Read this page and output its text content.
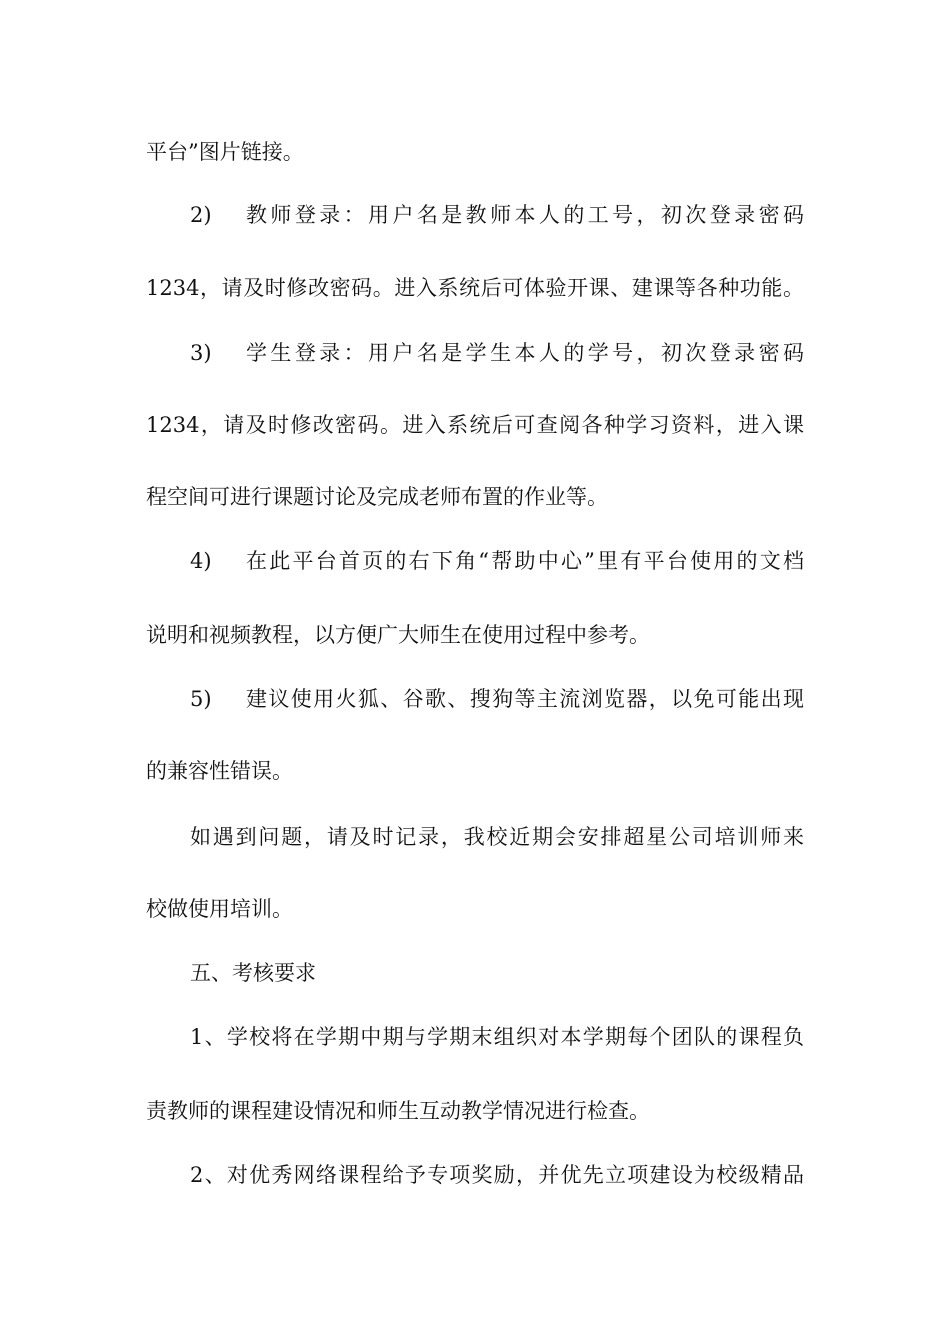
平台”图片链接。
2) 教师登录：用户名是教师本人的工号，初次登录密码
1234，请及时修改密码。进入系统后可体验开课、建课等各种功能。
3) 学生登录：用户名是学生本人的学号，初次登录密码
1234，请及时修改密码。进入系统后可查阅各种学习资料，进入课
程空间可进行课题讨论及完成老师布置的作业等。
4) 在此平台首页的右下角“帮助中心”里有平台使用的文档
说明和视频教程，以方便广大师生在使用过程中参考。
5) 建议使用火狐、谷歌、搜狗等主流浏览器，以免可能出现
的兼容性错误。
如遇到问题，请及时记录，我校近期会安排超星公司培训师来
校做使用培训。
五、考核要求
1、学校将在学期中期与学期末组织对本学期每个团队的课程负
责教师的课程建设情况和师生互动教学情况进行检查。
2、对优秀网络课程给予专项奖励，并优先立项建设为校级精品
